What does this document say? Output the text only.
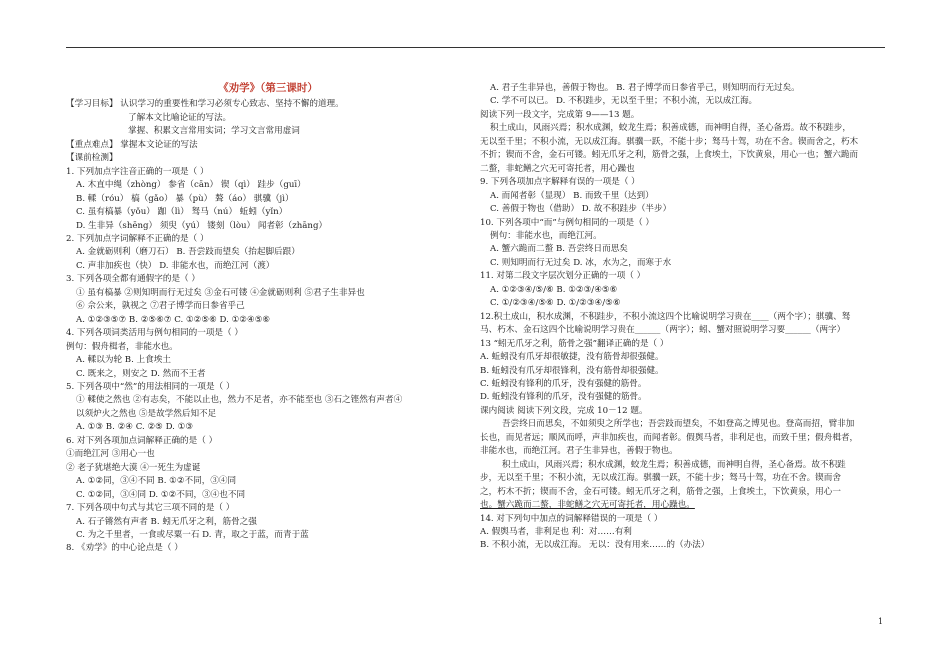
《劝学》（第三课时）
【学习目标】 认识学习的重要性和学习必须专心致志、坚持不懈的道理。
了解本文比喻论证的写法。
掌握、积累文言常用实词；学习文言常用虚词
【重点难点】 掌握本文论证的写法
【课前检测】
1. 下列加点字注音正确的一项是（ ）
A. 木直中绳（zhòng） 参省（cān） 锲（qì） 跬步（guī）
B. 輮（róu） 槁（gǎo） 暴（pù） 聱（áo） 骐骥（jì）
C. 虽有槁暴（yǒu） 跏（lì） 驽马（nú） 蚯蚓（yǐn）
D. 生非异（shēng） 须臾（yú） 镂刻（lòu） 闻者彰（zhāng）
2. 下列加点字词解释不正确的是（ ）
A. 金就砺则利（磨刀石） B. 吾尝跂而望矣（抬起脚后跟）
C. 声非加疾也（快） D. 非能水也，而绝江河（渡）
3. 下列各项全都有通假字的是（ ）
① 虽有槁暴 ②则知明而行无过矣 ③金石可镂 ④金就砺则利 ⑤君子生非异也
⑥ 佘公来，孰视之 ⑦君子博学而日参省乎己
A. ①②③⑤⑦ B. ②⑤⑥⑦ C. ①②⑤⑥ D. ①②④⑤⑥
4. 下列各项词类活用与例句相同的一项是（ ）
例句：假舟楫者，非能水也。
A. 輮以为轮 B. 上食埃土
C. 既来之，则安之 D. 然而不王者
5. 下列各项中“然”的用法相同的一项是（ ）
① 輮使之然也 ②有志矣，不能以止也，然力不足者，亦不能至也 ③石之铿然有声者④
以须炉火之然也 ⑤是故学然后知不足
A. ①③ B. ②④ C. ②⑤ D. ①③
6. 对下列各项加点词解释正确的是（ ）
①而绝江河 ③用心一也
② 老子犹堪绝大漠 ④一死生为虚诞
A. ①②同，③④不同 B. ①②不同，③④同
C. ①②同，③④同 D. ①②不同，③④也不同
7. 下列各项中句式与其它三项不同的是（ ）
A. 石子锵然有声者 B. 蚓无爪牙之利，筋骨之强
C. 为之千里者，一食或尽粟一石 D. 青，取之于蓝，而青于蓝
8. 《劝学》的中心论点是（ ）
A. 君子生非异也，善假于物也。 B. 君子博学而日参省乎己，则知明而行无过矣。
C. 学不可以已。 D. 不积跬步，无以至千里；不积小流，无以成江海。
阅读下列一段文字，完成第 9——13 题。
积土成山，风雨兴焉；积水成渊，蛟龙生焉；积善成德，而神明自得，圣心备焉。故不积跬步，
无以至千里；不积小流，无以成江海。骐骥一跃，不能十步；驽马十驾，功在不舍。锲而舍之，朽木
不折；锲而不舍，金石可镂。蚓无爪牙之利，筋骨之强，上食埃土，下饮黄泉，用心一也；蟹六跪而
二螯，非蛇鳝之穴无可寄托者，用心躁也
9. 下列各项加点字解释有误的一项是（ ）
A. 而闻者彰（显现） B. 而致千里（达到）
C. 善假于物也（借助） D. 故不积跬步（半步）
10. 下列各项中“而”与例句相同的一项是（ ）
例句：非能水也，而绝江河。
A. 蟹六跪而二螯 B. 吾尝终日而思矣
C. 则知明而行无过矣 D. 冰，水为之，而寒于水
11. 对第二段文字层次划分正确的一项（ ）
A. ①②③④/⑤/⑥ B. ①②③/④⑤⑥
C. ①/②③④/⑤⑥ D. ①/②③④/⑤⑥
12.积土成山，积水成渊，不积跬步，不积小流这四个比喻说明学习贵在____（两个字）；骐骥、驽
马、朽木、金石这四个比喻说明学习贵在______（两字）；蚓、蟹对照说明学习要______（两字）
13 “蚓无爪牙之利，筋骨之强”翻译正确的是（ ）
A. 蚯蚓没有爪牙却很敏捷，没有筋骨却很强健。
B. 蚯蚓没有爪牙却很锋利，没有筋骨却很强健。
C. 蚯蚓没有锋利的爪牙，没有强健的筋骨。
D. 蚯蚓没有锋利的爪牙，没有强健的筋骨。
课内阅读 阅读下列文段，完成 10－12 题。
吾尝终日而思矣，不如须臾之所学也；吾尝跂而望矣，不如登高之博见也。登高而招，臂非加
长也，而见者远；顺风而呼，声非加疾也，而闻者彰。假舆马者，非利足也，而致千里；假舟楫者，
非能水也，而绝江河。君子生非异也，善假于物也。
积土成山，风雨兴焉；积水成渊，蛟龙生焉；积善成德，而神明自得，圣心备焉。故不积跬
步，无以至千里；不积小流，无以成江海。骐骥一跃，不能十步；驽马十驾，功在不舍。锲而舍
之，朽木不折；锲而不舍，金石可镂。蚓无爪牙之利，筋骨之强，上食埃土，下饮黄泉，用心一
也。蟹六跪而二螯，非蛇鳝之穴无可寄托者，用心躁也。
14. 对下列句中加点的词解释错误的一项是（ ）
A. 假舆马者，非利足也 利：对……有利
B. 不积小流，无以成江海。 无以：没有用来……的（办法）
1
